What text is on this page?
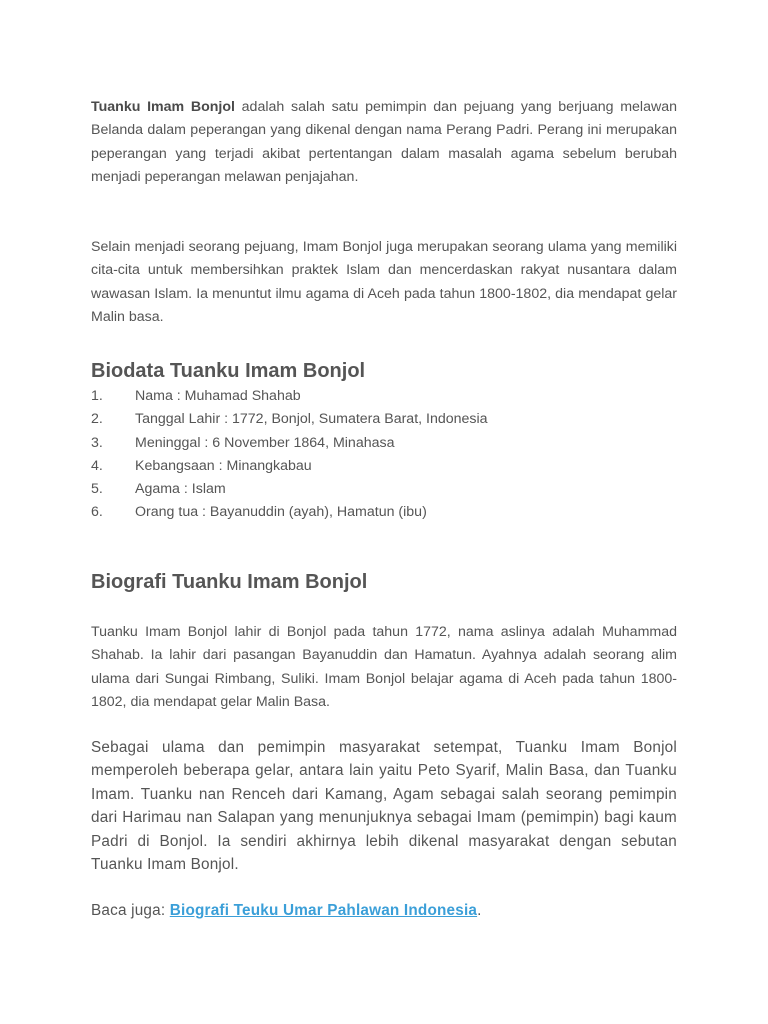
Tuanku Imam Bonjol adalah salah satu pemimpin dan pejuang yang berjuang melawan Belanda dalam peperangan yang dikenal dengan nama Perang Padri. Perang ini merupakan peperangan yang terjadi akibat pertentangan dalam masalah agama sebelum berubah menjadi peperangan melawan penjajahan.

Selain menjadi seorang pejuang, Imam Bonjol juga merupakan seorang ulama yang memiliki cita-cita untuk membersihkan praktek Islam dan mencerdaskan rakyat nusantara dalam wawasan Islam. Ia menuntut ilmu agama di Aceh pada tahun 1800-1802, dia mendapat gelar Malin basa.

Biodata Tuanku Imam Bonjol
1.	Nama : Muhamad Shahab
2.	Tanggal Lahir : 1772, Bonjol, Sumatera Barat, Indonesia
3.	Meninggal : 6 November 1864, Minahasa
4.	Kebangsaan : Minangkabau
5.	Agama : Islam
6.	Orang tua : Bayanuddin (ayah), Hamatun (ibu)
Biografi Tuanku Imam Bonjol

Tuanku Imam Bonjol lahir di Bonjol pada tahun 1772, nama aslinya adalah Muhammad Shahab. Ia lahir dari pasangan Bayanuddin dan Hamatun. Ayahnya adalah seorang alim ulama dari Sungai Rimbang, Suliki. Imam Bonjol belajar agama di Aceh pada tahun 1800-1802, dia mendapat gelar Malin Basa.

Sebagai ulama dan pemimpin masyarakat setempat, Tuanku Imam Bonjol memperoleh beberapa gelar, antara lain yaitu Peto Syarif, Malin Basa, dan Tuanku Imam. Tuanku nan Renceh dari Kamang, Agam sebagai salah seorang pemimpin dari Harimau nan Salapan yang menunjuknya sebagai Imam (pemimpin) bagi kaum Padri di Bonjol. Ia sendiri akhirnya lebih dikenal masyarakat dengan sebutan Tuanku Imam Bonjol.

Baca juga: Biografi Teuku Umar Pahlawan Indonesia.
